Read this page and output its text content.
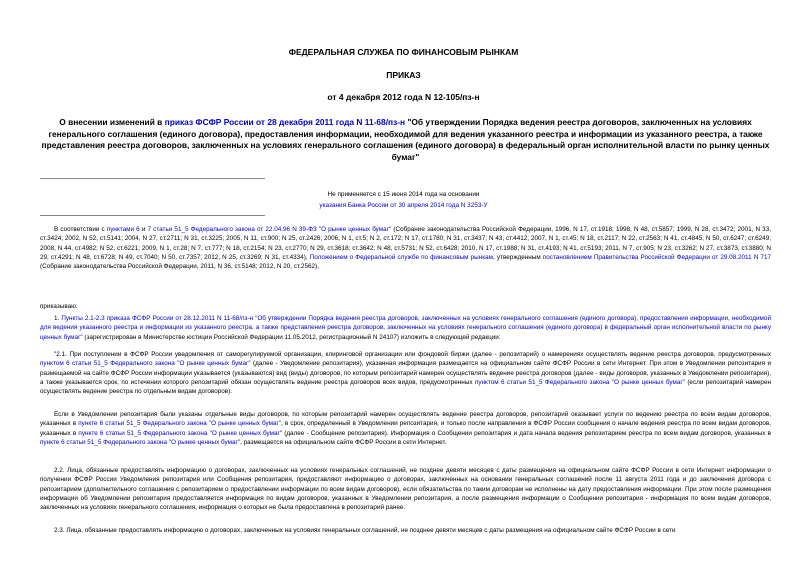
ФЕДЕРАЛЬНАЯ СЛУЖБА ПО ФИНАНСОВЫМ РЫНКАМ
ПРИКАЗ
от 4 декабря 2012 года N 12-105/пз-н
О внесении изменений в приказ ФСФР России от 28 декабря 2011 года N 11-68/пз-н "Об утверждении Порядка ведения реестра договоров, заключенных на условиях генерального соглашения (единого договора), предоставления информации, необходимой для ведения указанного реестра и информации из указанного реестра, а также представления реестра договоров, заключенных на условиях генерального соглашения (единого договора) в федеральный орган исполнительной власти по рынку ценных бумаг"
Не применяется с 15 июня 2014 года на основании
указания Банка России от 30 апреля 2014 года N 3253-У

В соответствии с пунктами 6 и 7 статьи 51_5 Федерального закона от 22.04.96 N 39-ФЗ "О рынке ценных бумаг" (Собрание законодательства Российской Федерации, 1996, N 17, ст.1918; 1998, N 48, ст.5857; 1999, N 28, ст.3472; 2001, N 33, ст.3424; 2002, N 52, ст.5141; 2004, N 27, ст.2711; N 31, ст.3225; 2005, N 11, ст.900; N 25, ст.2426; 2006, N 1, ст.5; N 2, ст.172; N 17, ст.1780; N 31, ст.3437; N 43, ст.4412; 2007, N 1, ст.45; N 18, ст.2117; N 22, ст.2563; N 41, ст.4845; N 50, ст.6247; ст.6249; 2008, N 44, ст.4982; N 52, ст.6221; 2009, N 1, ст.28; N 7, ст.777; N 18, ст.2154; N 23, ст.2770; N 29, ст.3618; ст.3642; N 48, ст.5731; N 52, ст.6428; 2010, N 17, ст.1988; N 31, ст.4193; N 41, ст.5193; 2011, N 7, ст.905; N 23, ст.3262; N 27, ст.3873, ст.3880; N 29, ст.4291; N 48, ст.6728; N 49, ст.7040; N 50, ст.7357; 2012, N 25, ст.3269; N 31, ст.4334), Положением о Федеральной службе по финансовым рынкам, утвержденным постановлением Правительства Российской Федерации от 29.08.2011 N 717 (Собрание законодательства Российской Федерации, 2011, N 36, ст.5148; 2012, N 20, ст.2562),

приказываю:

1. Пункты 2.1-2.3 приказа ФСФР России от 28.12.2011 N 11-68/пз-н "Об утверждении Порядка ведения реестра договоров, заключенных на условиях генерального соглашения (единого договора), предоставления информации, необходимой для ведения указанного реестра и информации из указанного реестра, а также представления реестра договоров, заключенных на условиях генерального соглашения (единого договора) в федеральный орган исполнительной власти по рынку ценных бумаг" (зарегистрирован в Министерстве юстиции Российской Федерации 11.05.2012, регистрационный N 24107) изложить в следующей редакции:

"2.1. При поступлении в ФСФР России уведомления от саморегулируемой организации, клиринговой организации или фондовой биржи (далее - репозитарий) о намерениях осуществлять ведение реестра договоров, предусмотренных пунктом 6 статьи 51_5 Федерального закона "О рынке ценных бумаг" (далее - Уведомление репозитария), указанная информация размещается на официальном сайте ФСФР России в сети Интернет. При этом в Уведомлении репозитария и размещаемой на сайте ФСФР России информации указывается (указываются) вид (виды) договоров, по которым репозитарий намерен осуществлять ведение реестра договоров (далее - виды договоров, указанных в Уведомлении репозитария), а также указывается срок, по истечении которого репозитарий обязан осуществлять ведение реестра договоров всех видов, предусмотренных пунктом 6 статьи 51_5 Федерального закона "О рынке ценных бумаг" (если репозитарий намерен осуществлять ведение реестра по отдельным видам договоров).

Если в Уведомлении репозитария были указаны отдельные виды договоров, по которым репозитарий намерен осуществлять ведение реестра договоров, репозитарий оказывает услуги по ведению реестра по всем видам договоров, указанных в пункте 6 статьи 51_5 Федерального закона "О рынке ценных бумаг", в срок, определенный в Уведомлении репозитария, и только после направления в ФСФР России сообщения о начале ведения реестра по всем видам договоров, указанных в пункте 6 статьи 51_5 Федерального закона "О рынке ценных бумаг" (далее - Сообщение репозитария). Информация о Сообщении репозитария и дата начала ведения репозитарием реестра по всем видам договоров, указанных в пункте 6 статьи 51_5 Федерального закона "О рынке ценных бумаг", размещается на официальном сайте ФСФР России в сети Интернет.

2.2. Лица, обязанные предоставлять информацию о договорах, заключенных на условиях генеральных соглашений, не позднее девяти месяцев с даты размещения на официальном сайте ФСФР России в сети Интернет информации о получении ФСФР России Уведомления репозитария или Сообщения репозитария, предоставляют информацию о договорах, заключенных на основании генеральных соглашений после 11 августа 2011 года и до заключения договора с репозитарием (дополнительного соглашения с репозитарием о предоставлении информации по всем видам договоров), если обязательства по таким договорам не исполнены на дату предоставления информации. При этом после размещения информации об Уведомлении репозитария предоставляется информация по видам договоров, указанных в Уведомлении репозитария, а после размещения информации о Сообщении репозитария - информация по всем видам договоров, заключенных на условиях генерального соглашения, информация о которых не была предоставлена в репозитарий ранее.

2.3. Лица, обязанные предоставлять информацию о договорах, заключенных на условиях генеральных соглашений, не позднее девяти месяцев с даты размещения на официальном сайте ФСФР России в сети
